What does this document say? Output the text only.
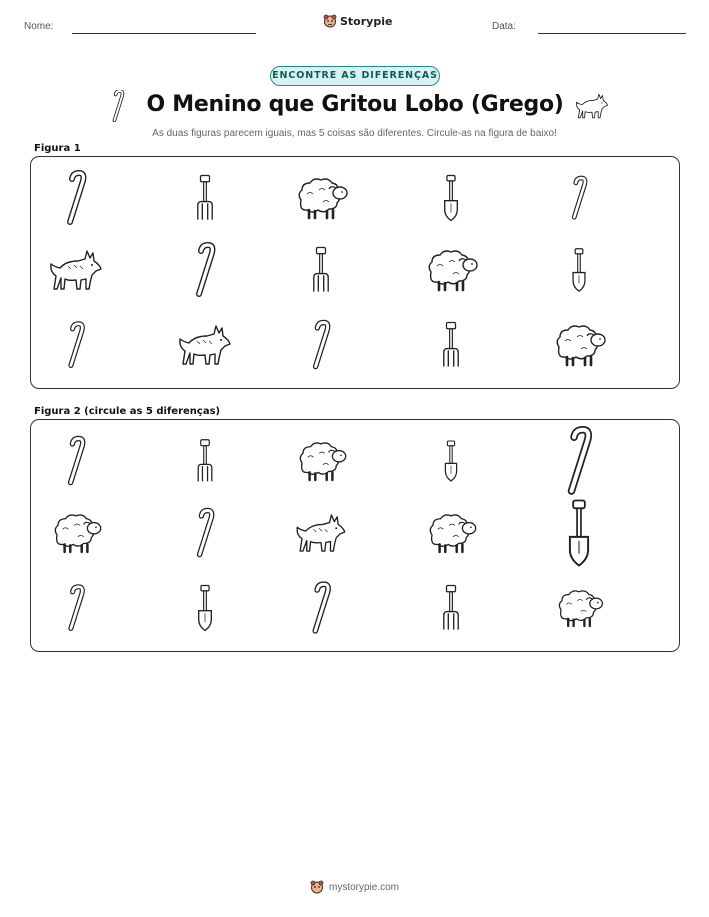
Nome:	Storypie	Data:
ENCONTRE AS DIFERENÇAS
O Menino que Gritou Lobo (Grego)
As duas figuras parecem iguais, mas 5 coisas são diferentes. Circule-as na figura de baixo!
Figura 1
Figura 2 (circule as 5 diferenças)
mystorypie.com
